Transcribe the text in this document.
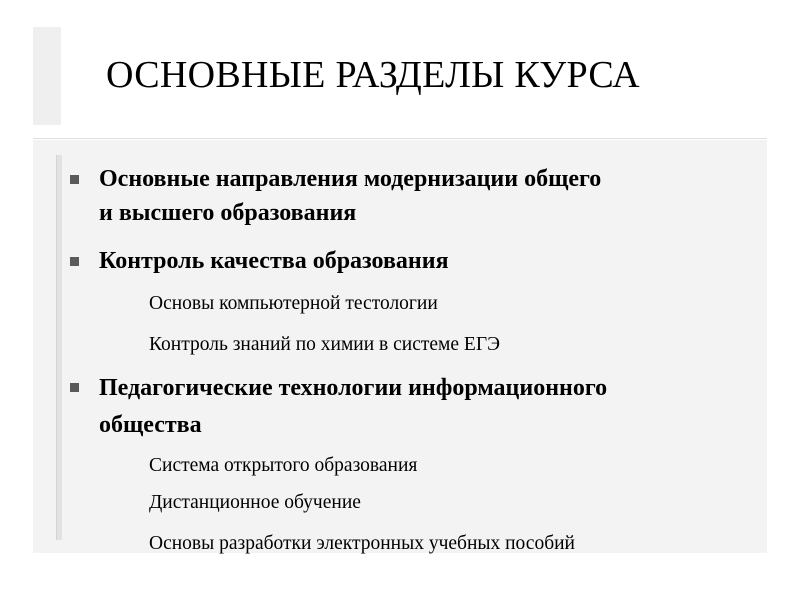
ОСНОВНЫЕ РАЗДЕЛЫ КУРСА
Основные направления модернизации общего
и высшего образования
Контроль качества образования
Основы компьютерной тестологии
Контроль знаний по химии в системе ЕГЭ
Педагогические технологии информационного
общества
Система открытого образования
Дистанционное обучение
Основы разработки электронных учебных пособий
